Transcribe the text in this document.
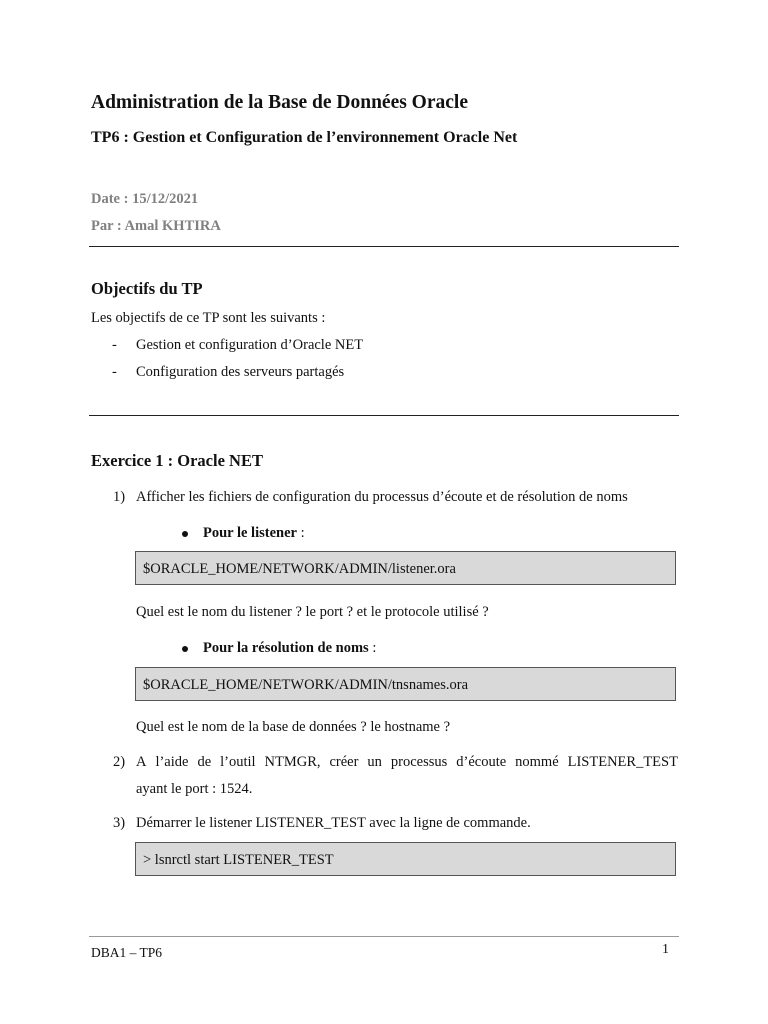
Administration de la Base de Données Oracle
TP6 : Gestion et Configuration de l’environnement Oracle Net
Date : 15/12/2021
Par : Amal KHTIRA
Objectifs du TP
Les objectifs de ce TP sont les suivants :
- Gestion et configuration d’Oracle NET
- Configuration des serveurs partagés
Exercice 1 : Oracle NET
1) Afficher les fichiers de configuration du processus d’écoute et de résolution de noms
Pour le listener :
$ORACLE_HOME/NETWORK/ADMIN/listener.ora
Quel est le nom du listener ? le port ? et le protocole utilisé ?
Pour la résolution de noms :
$ORACLE_HOME/NETWORK/ADMIN/tnsnames.ora
Quel est le nom de la base de données ? le hostname ?
2) A l’aide de l’outil NTMGR, créer un processus d’écoute nommé LISTENER_TEST
ayant le port : 1524.
3) Démarrer le listener LISTENER_TEST avec la ligne de commande.
> lsnrctl start LISTENER_TEST
DBA1 – TP6	1
